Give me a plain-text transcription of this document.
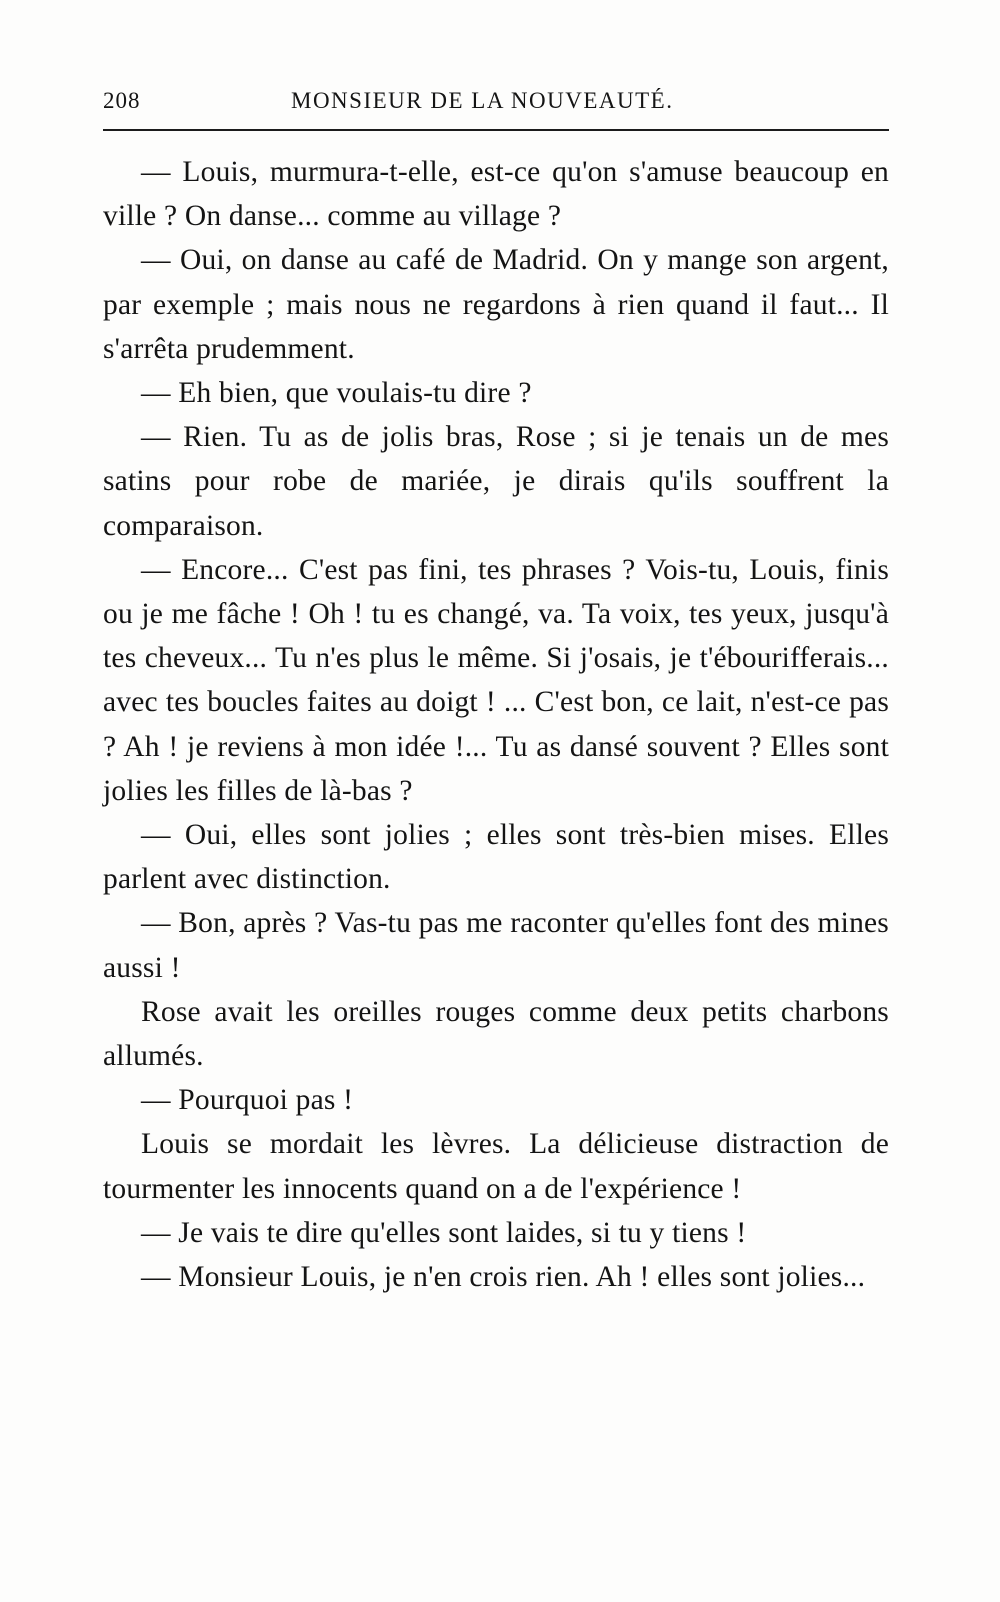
208	MONSIEUR DE LA NOUVEAUTÉ.

— Louis, murmura-t-elle, est-ce qu'on s'amuse beaucoup en ville ? On danse... comme au village ?

— Oui, on danse au café de Madrid. On y mange son argent, par exemple ; mais nous ne regardons à rien quand il faut... Il s'arrêta prudemment.

— Eh bien, que voulais-tu dire ?

— Rien. Tu as de jolis bras, Rose ; si je tenais un de mes satins pour robe de mariée, je dirais qu'ils souffrent la comparaison.

— Encore... C'est pas fini, tes phrases ? Vois-tu, Louis, finis ou je me fâche ! Oh ! tu es changé, va. Ta voix, tes yeux, jusqu'à tes cheveux... Tu n'es plus le même. Si j'osais, je t'ébourifferais... avec tes boucles faites au doigt ! ... C'est bon, ce lait, n'est-ce pas ? Ah ! je reviens à mon idée !... Tu as dansé souvent ? Elles sont jolies les filles de là-bas ?

— Oui, elles sont jolies ; elles sont très-bien mises. Elles parlent avec distinction.

— Bon, après ? Vas-tu pas me raconter qu'elles font des mines aussi !

Rose avait les oreilles rouges comme deux petits charbons allumés.

— Pourquoi pas !

Louis se mordait les lèvres. La délicieuse distraction de tourmenter les innocents quand on a de l'expérience !

— Je vais te dire qu'elles sont laides, si tu y tiens !

— Monsieur Louis, je n'en crois rien. Ah ! elles sont jolies...
